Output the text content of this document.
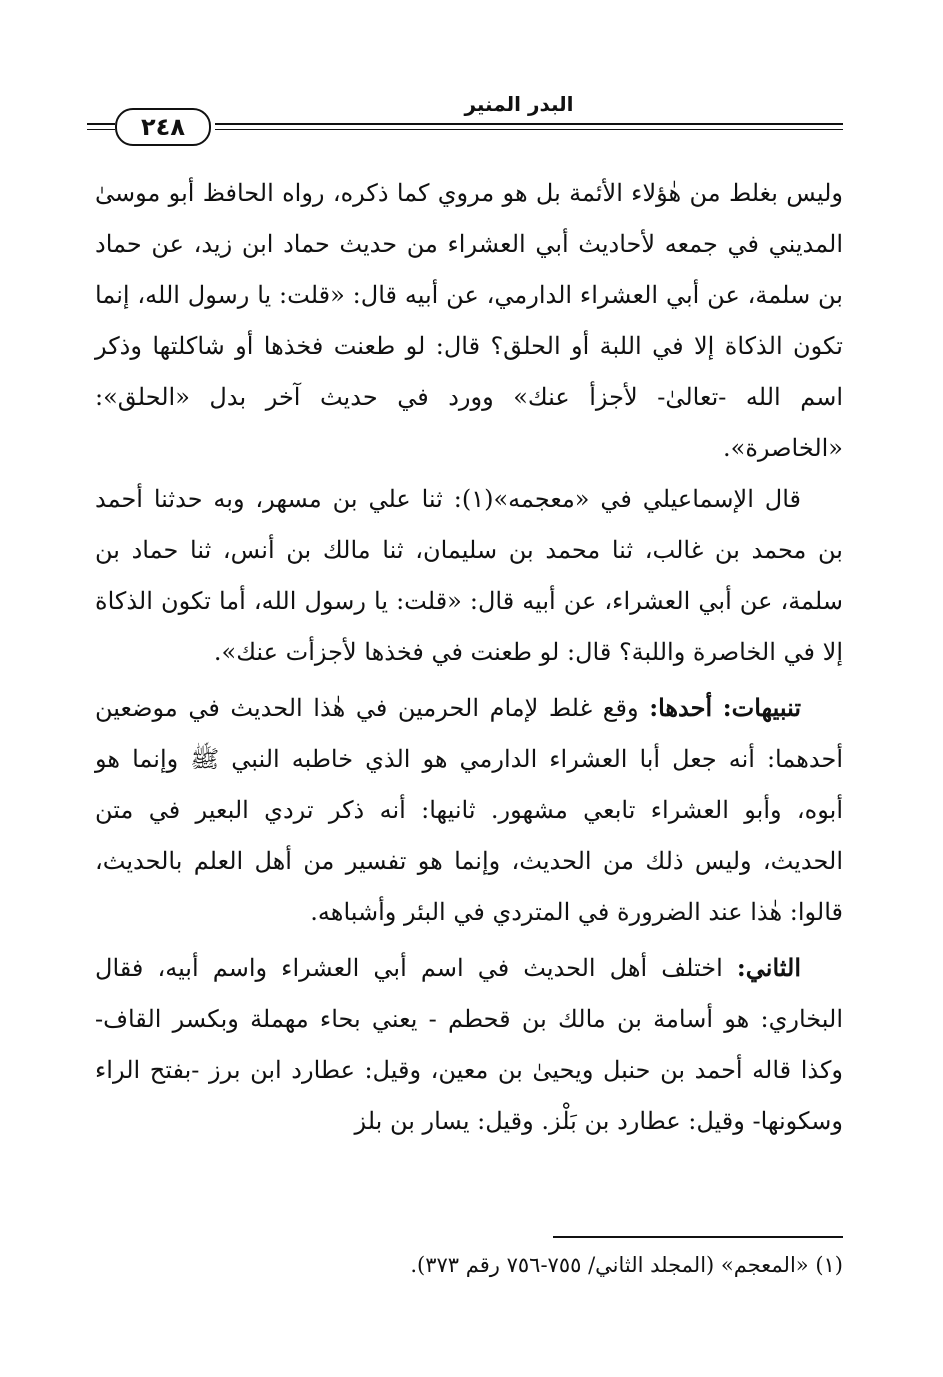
البدر المنير
٢٤٨

وليس بغلط من هٰؤلاء الأئمة بل هو مروي كما ذكره، رواه الحافظ أبو موسىٰ المديني في جمعه لأحاديث أبي العشراء من حديث حماد ابن زيد، عن حماد بن سلمة، عن أبي العشراء الدارمي، عن أبيه قال: «قلت: يا رسول الله، إنما تكون الذكاة إلا في اللبة أو الحلق؟ قال: لو طعنت فخذها أو شاكلتها وذكر اسم الله -تعالىٰ- لأجزأ عنك» وورد في حديث آخر بدل «الحلق»: «الخاصرة».

قال الإسماعيلي في «معجمه»(١): ثنا علي بن مسهر، وبه حدثنا أحمد بن محمد بن غالب، ثنا محمد بن سليمان، ثنا مالك بن أنس، ثنا حماد بن سلمة، عن أبي العشراء، عن أبيه قال: «قلت: يا رسول الله، أما تكون الذكاة إلا في الخاصرة واللبة؟ قال: لو طعنت في فخذها لأجزأت عنك».

تنبيهات: أحدها: وقع غلط لإمام الحرمين في هٰذا الحديث في موضعين أحدهما: أنه جعل أبا العشراء الدارمي هو الذي خاطبه النبي ﷺ وإنما هو أبوه، وأبو العشراء تابعي مشهور. ثانيها: أنه ذكر تردي البعير في متن الحديث، وليس ذلك من الحديث، وإنما هو تفسير من أهل العلم بالحديث، قالوا: هٰذا عند الضرورة في المتردي في البئر وأشباهه.

الثاني: اختلف أهل الحديث في اسم أبي العشراء واسم أبيه، فقال البخاري: هو أسامة بن مالك بن قحطم - يعني بحاء مهملة وبكسر القاف- وكذا قاله أحمد بن حنبل ويحيىٰ بن معين، وقيل: عطارد ابن برز -بفتح الراء وسكونها- وقيل: عطارد بن بَلْز. وقيل: يسار بن بلز

(١) «المعجم» (المجلد الثاني/ ٧٥٥-٧٥٦ رقم ٣٧٣).
